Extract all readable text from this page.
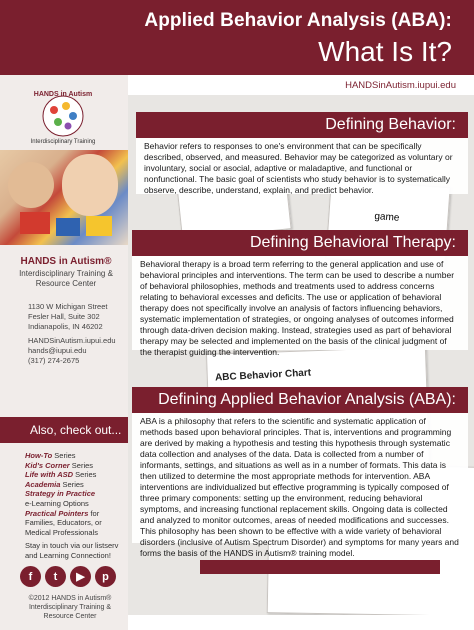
Applied Behavior Analysis (ABA):
What Is It?
HANDSinAutism.iupui.edu
HANDS in Autism
Interdisciplinary Training
HANDS in Autism®
Interdisciplinary Training & Resource Center
1130 W Michigan Street
Fesler Hall, Suite 302
Indianapolis, IN 46202
HANDSinAutism.iupui.edu
hands@iupui.edu
(317) 274-2675
Also, check out...
How-To Series
Kid's Corner Series
Life with ASD Series
Academia Series
Strategy in Practice
e-Learning Options
Practical Pointers for Families, Educators, or Medical Professionals
Stay in touch via our listserv and Learning Connection!
f	t	▶	p
©2012 HANDS in Autism® Interdisciplinary Training & Resource Center
game
ABC Behavior Chart
Defining Behavior:
Behavior refers to responses to one's environment that can be specifically described, observed, and measured. Behavior may be categorized as voluntary or involuntary, social or asocial, adaptive or maladaptive, and functional or nonfunctional. The basic goal of scientists who study behavior is to systematically observe, describe, understand, explain, and predict behavior.
Defining Behavioral Therapy:
Behavioral therapy is a broad term referring to the general application and use of behavioral principles and interventions. The term can be used to describe a number of behavioral philosophies, methods and treatments used to address concerns relating to behavioral excesses and deficits. The use or application of behavioral therapy does not specifically involve an analysis of factors influencing behaviors, systematic implementation of strategies, or ongoing analyses of outcomes informed through data-driven decision making. Instead, strategies used as part of behavioral therapy may be selected and implemented on the basis of the clinical judgment of the therapist guiding the intervention.
Defining Applied Behavior Analysis (ABA):
ABA is a philosophy that refers to the scientific and systematic application of methods based upon behavioral principles. That is, interventions and programming are derived by making a hypothesis and testing this hypothesis through systematic data collection and analyses of the data. Data is collected from a number of informants, settings, and situations as well as in a number of formats. This data is then utilized to determine the most appropriate methods for intervention. ABA interventions are individualized but effective programming is typically composed of three primary components: setting up the environment, reducing behavioral symptoms, and increasing functional replacement skills. Ongoing data is collected and analyzed to monitor outcomes, areas of needed modifications and successes. This philosophy has been shown to be effective with a wide variety of behavioral disorders (inclusive of Autism Spectrum Disorder) and symptoms for many years and forms the basis of the HANDS in Autism® training model.
